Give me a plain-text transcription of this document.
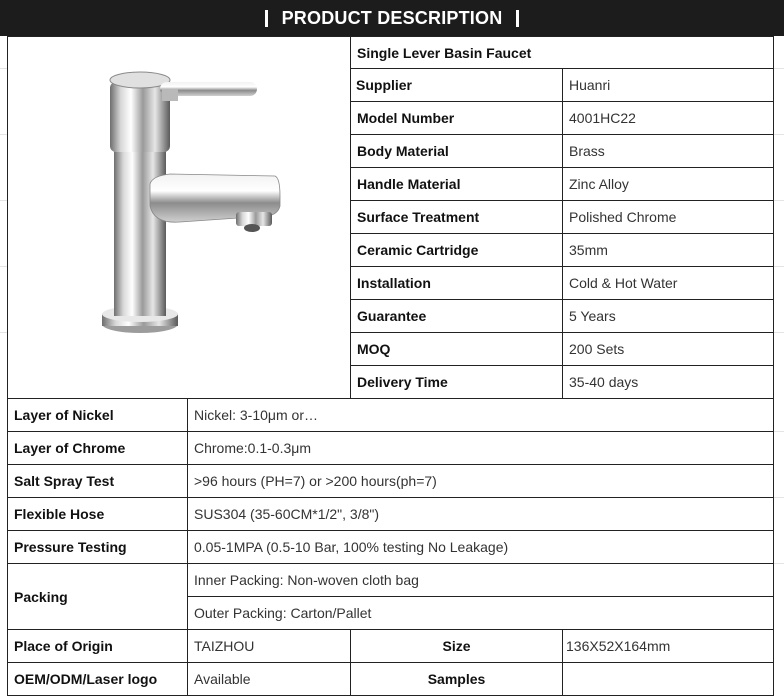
PRODUCT DESCRIPTION
Single Lever Basin Faucet
Supplier	Huanri
Model Number	4001HC22
Body Material	Brass
Handle Material	Zinc Alloy
Surface Treatment	Polished Chrome
Ceramic Cartridge	35mm
Installation	Cold & Hot Water
Guarantee	5 Years
MOQ	200 Sets
Delivery Time	35-40 days
Layer of Nickel	Nickel: 3-10μm or…
Layer of Chrome	Chrome:0.1-0.3μm
Salt Spray Test	>96 hours (PH=7) or >200 hours(ph=7)
Flexible Hose	SUS304 (35-60CM*1/2", 3/8")
Pressure Testing	0.05-1MPA (0.5-10 Bar, 100% testing No Leakage)
Packing
Inner Packing: Non-woven cloth bag
Outer Packing: Carton/Pallet
Place of Origin	TAIZHOU	Size	136X52X164mm
OEM/ODM/Laser logo	Available	Samples
